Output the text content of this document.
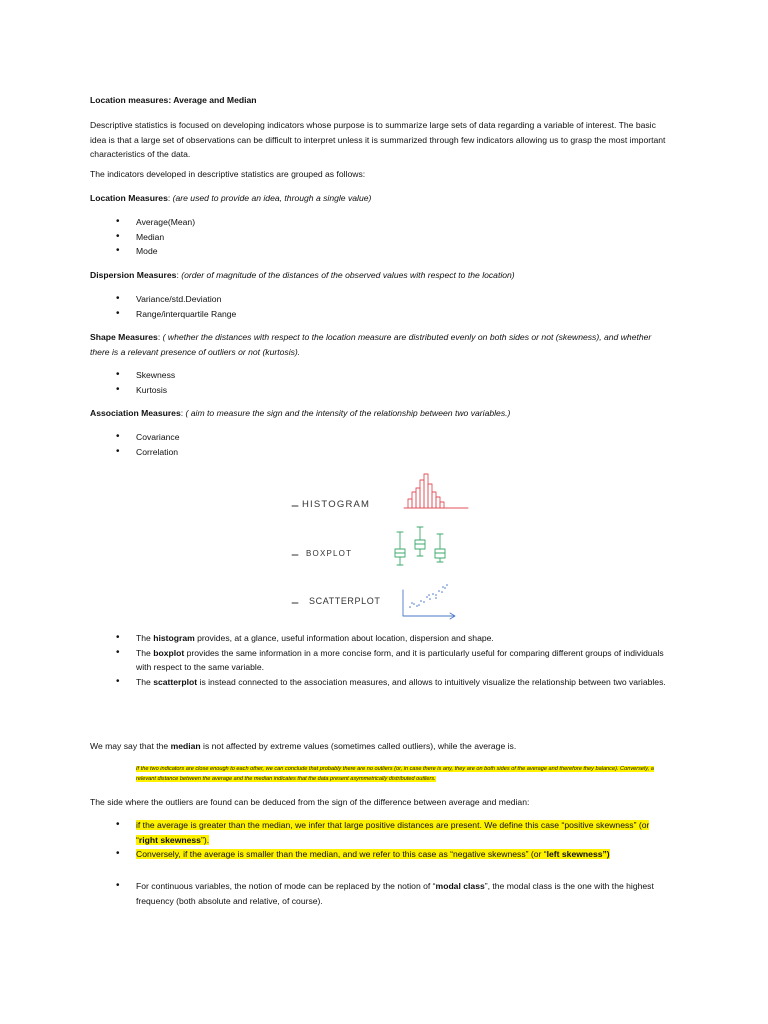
Location measures: Average and Median

Descriptive statistics is focused on developing indicators whose purpose is to summarize large sets of data regarding a variable of interest. The basic idea is that a large set of observations can be difficult to interpret unless it is summarized through few indicators allowing us to grasp the most important characteristics of the data.

The indicators developed in descriptive statistics are grouped as follows:

Location Measures: (are used to provide an idea, through a single value)

• Average(Mean)
• Median
• Mode

Dispersion Measures: (order of magnitude of the distances of the observed values with respect to the location)

• Variance/std.Deviation
• Range/interquartile Range

Shape Measures: ( whether the distances with respect to the location measure are distributed evenly on both sides or not (skewness), and whether there is a relevant presence of outliers or not (kurtosis).

• Skewness
• Kurtosis

Association Measures: ( aim to measure the sign and the intensity of the relationship between two variables.)

• Covariance
• Correlation
HISTOGRAM
BOXPLOT
SCATTERPLOT
• The histogram provides, at a glance, useful information about location, dispersion and shape.
• The boxplot provides the same information in a more concise form, and it is particularly useful for comparing different groups of individuals with respect to the same variable.
• The scatterplot is instead connected to the association measures, and allows to intuitively visualize the relationship between two variables.

We may say that the median is not affected by extreme values (sometimes called outliers), while the average is.

If the two indicators are close enough to each other, we can conclude that probably there are no outliers (or, in case there is any, they are on both sides of the average and therefore they balance). Conversely, a relevant distance between the average and the median indicates that the data present asymmetrically distributed outliers.

The side where the outliers are found can be deduced from the sign of the difference between average and median:

• if the average is greater than the median, we infer that large positive distances are present. We define this case “positive skewness” (or “right skewness”).
• Conversely, if the average is smaller than the median, and we refer to this case as “negative skewness” (or “left skewness”)
• For continuous variables, the notion of mode can be replaced by the notion of “modal class”, the modal class is the one with the highest frequency (both absolute and relative, of course).
